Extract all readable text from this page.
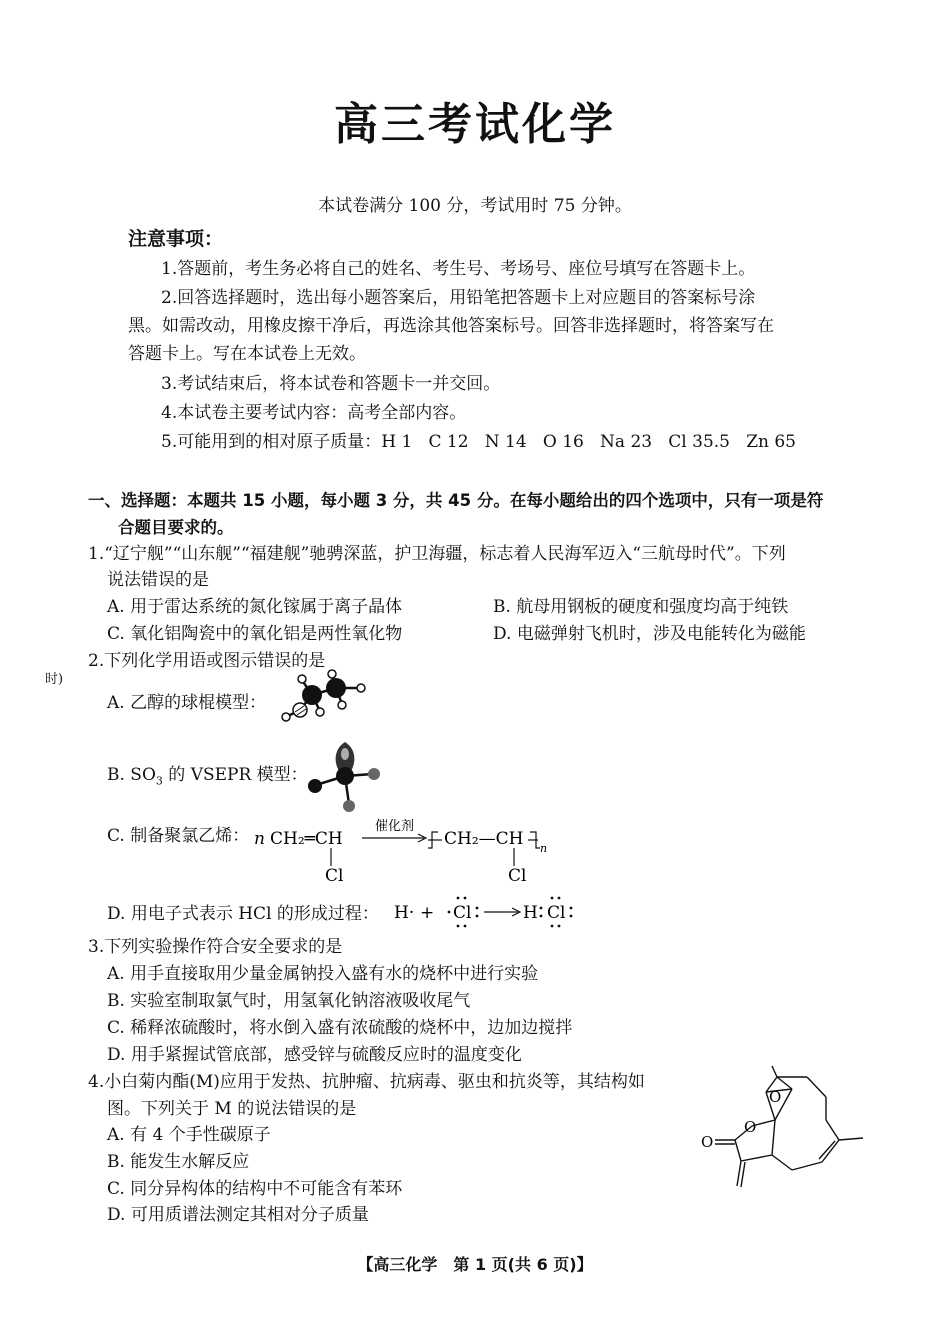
高三考试化学
本试卷满分 100 分，考试用时 75 分钟。
注意事项：
1.答题前，考生务必将自己的姓名、考生号、考场号、座位号填写在答题卡上。
2.回答选择题时，选出每小题答案后，用铅笔把答题卡上对应题目的答案标号涂
黑。如需改动，用橡皮擦干净后，再选涂其他答案标号。回答非选择题时，将答案写在
答题卡上。写在本试卷上无效。
3.考试结束后，将本试卷和答题卡一并交回。
4.本试卷主要考试内容：高考全部内容。
5.可能用到的相对原子质量：H 1   C 12   N 14   O 16   Na 23   Cl 35.5   Zn 65
一、选择题：本题共 15 小题，每小题 3 分，共 45 分。在每小题给出的四个选项中，只有一项是符
合题目要求的。
1.“辽宁舰”“山东舰”“福建舰”驰骋深蓝，护卫海疆，标志着人民海军迈入“三航母时代”。下列
说法错误的是
A. 用于雷达系统的氮化镓属于离子晶体	B. 航母用钢板的硬度和强度均高于纯铁
C. 氧化铝陶瓷中的氧化铝是两性氧化物	D. 电磁弹射飞机时，涉及电能转化为磁能
时)
2.下列化学用语或图示错误的是
A. 乙醇的球棍模型：
B. $SO_3$ 的 VSEPR 模型：
C. 制备聚氯乙烯： n CH₂═CH
Cl
催化剂
CH₂—CH
Cl
n
D. 用电子式表示 HCl 的形成过程： H· + Cl	H Cl
3.下列实验操作符合安全要求的是
A. 用手直接取用少量金属钠投入盛有水的烧杯中进行实验
B. 实验室制取氯气时，用氢氧化钠溶液吸收尾气
C. 稀释浓硫酸时，将水倒入盛有浓硫酸的烧杯中，边加边搅拌
D. 用手紧握试管底部，感受锌与硫酸反应时的温度变化
4.小白菊内酯(M)应用于发热、抗肿瘤、抗病毒、驱虫和抗炎等，其结构如
图。下列关于 M 的说法错误的是
A. 有 4 个手性碳原子
B. 能发生水解反应
C. 同分异构体的结构中不可能含有苯环
D. 可用质谱法测定其相对分子质量
O
O
O
【高三化学　第 1 页(共 6 页)】
